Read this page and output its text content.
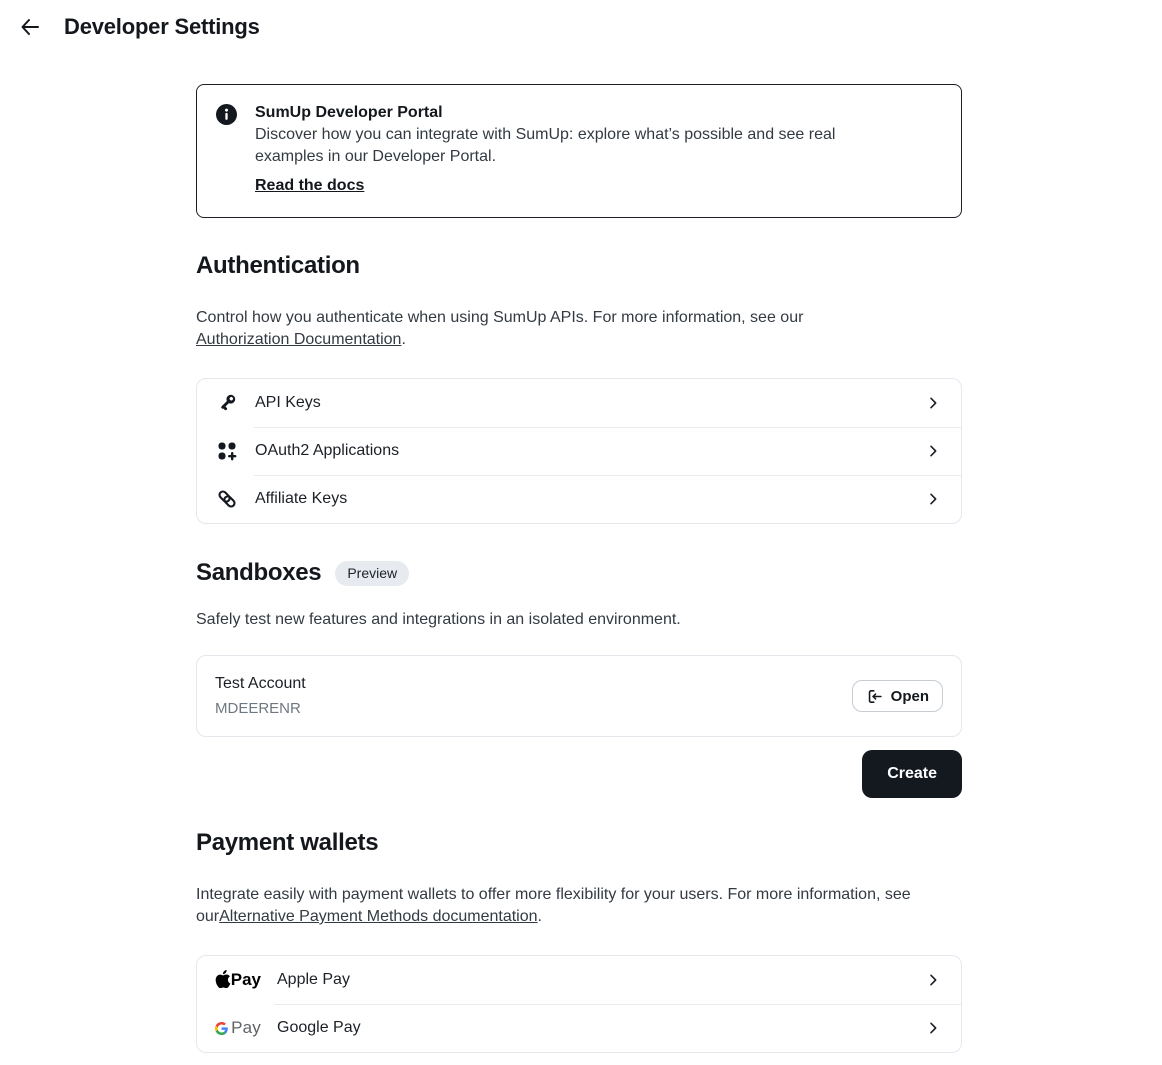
Developer Settings
SumUp Developer Portal

Discover how you can integrate with SumUp: explore what’s possible and see real examples in our Developer Portal.

Read the docs
Authentication

Control how you authenticate when using SumUp APIs. For more information, see our Authorization Documentation.

API Keys
OAuth2 Applications
Affiliate Keys
Sandboxes	Preview

Safely test new features and integrations in an isolated environment.

Test Account
MDEERENR
Open
Create
Payment wallets

Integrate easily with payment wallets to offer more flexibility for your users. For more information, see ourAlternative Payment Methods documentation.

Pay Apple Pay
Pay Google Pay
